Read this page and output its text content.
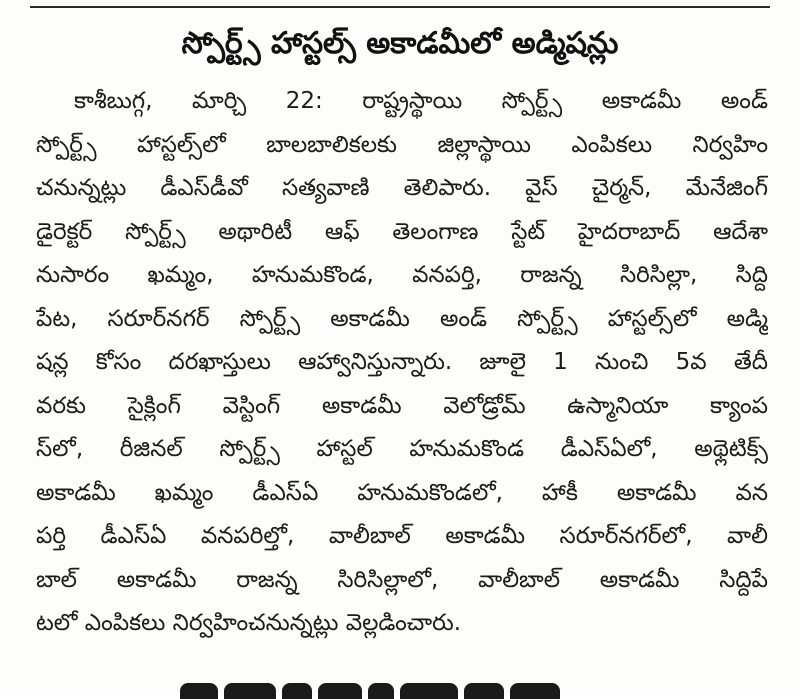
స్పోర్ట్స్ హాస్టల్స్ అకాడమీలో అడ్మిషన్లు
కాశీబుగ్గ, మార్చి 22: రాష్ట్రస్థాయి స్పోర్ట్స్ అకాడమీ అండ్
స్పోర్ట్స్ హాస్టల్స్‌లో బాలబాలికలకు జిల్లాస్థాయి ఎంపికలు నిర్వహిం
చనున్నట్లు డీఎస్‌డీవో సత్యవాణి తెలిపారు. వైస్ చైర్మన్, మేనేజింగ్
డైరెక్టర్ స్పోర్ట్స్ అథారిటీ ఆఫ్ తెలంగాణ స్టేట్ హైదరాబాద్ ఆదేశా
నుసారం ఖమ్మం, హనుమకొండ, వనపర్తి, రాజన్న సిరిసిల్లా, సిద్ది
పేట, సరూర్‌నగర్ స్పోర్ట్స్ అకాడమీ అండ్ స్పోర్ట్స్ హాస్టల్స్‌లో అడ్మి
షన్ల కోసం దరఖాస్తులు ఆహ్వానిస్తున్నారు. జూలై 1 నుంచి 5వ తేదీ
వరకు సైక్లింగ్ వెస్టింగ్ అకాడమీ వెలోడ్రోమ్ ఉస్మానియా క్యాంప
స్‌లో, రీజినల్ స్పోర్ట్స్ హాస్టల్ హనుమకొండ డీఎస్‌ఏలో, అథ్లెటిక్స్
అకాడమీ ఖమ్మం డీఎస్‌ఏ హనుమకొండలో, హాకీ అకాడమీ వన
పర్తి డీఎస్‌ఏ వనపరిల్తో, వాలీబాల్ అకాడమీ సరూర్‌నగర్‌లో, వాలీ
బాల్ అకాడమీ రాజన్న సిరిసిల్లాలో, వాలీబాల్ అకాడమీ సిద్దిపే
టలో ఎంపికలు నిర్వహించనున్నట్లు వెల్లడించారు.
